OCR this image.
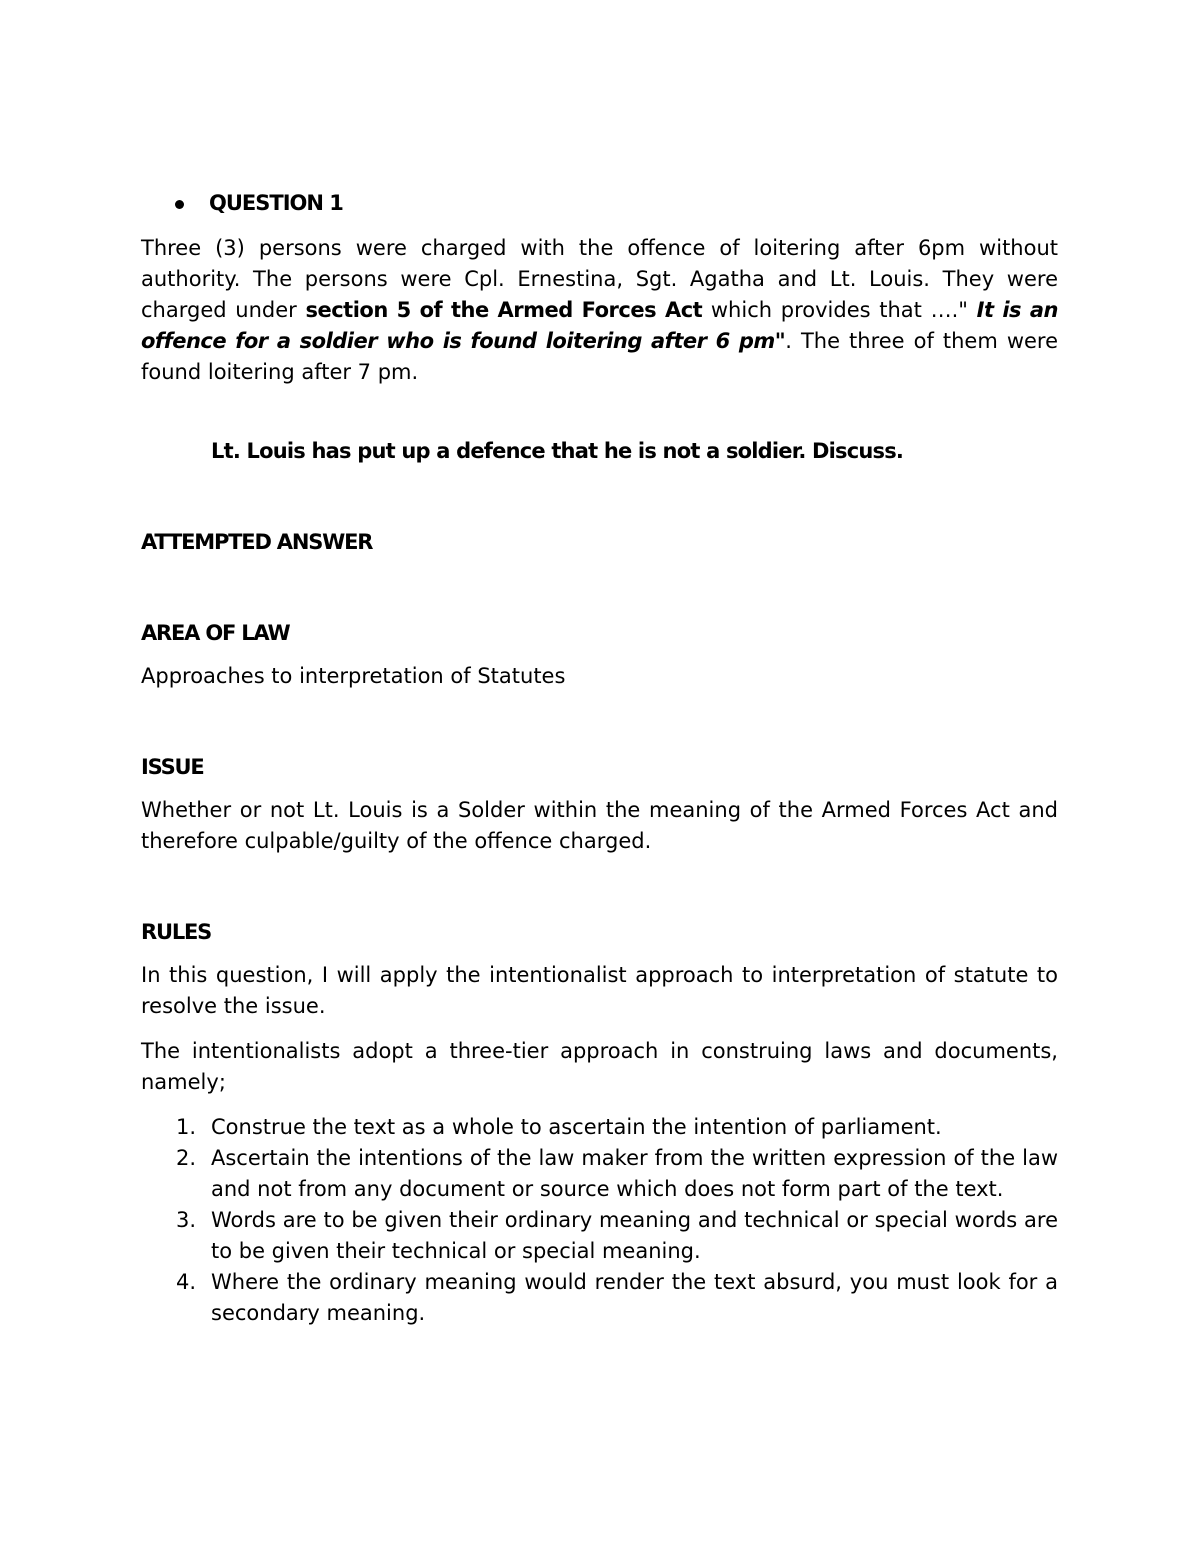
QUESTION 1

Three (3) persons were charged with the offence of loitering after 6pm without authority. The persons were Cpl. Ernestina, Sgt. Agatha and Lt. Louis. They were charged under section 5 of the Armed Forces Act which provides that …." It is an offence for a soldier who is found loitering after 6 pm". The three of them were found loitering after 7 pm.

Lt. Louis has put up a defence that he is not a soldier. Discuss.
ATTEMPTED ANSWER
AREA OF LAW

Approaches to interpretation of Statutes

ISSUE

Whether or not Lt. Louis is a Solder within the meaning of the Armed Forces Act and therefore culpable/guilty of the offence charged.

RULES

In this question, I will apply the intentionalist approach to interpretation of statute to resolve the issue.

The intentionalists adopt a three-tier approach in construing laws and documents, namely;

1. Construe the text as a whole to ascertain the intention of parliament.
2. Ascertain the intentions of the law maker from the written expression of the law and not from any document or source which does not form part of the text.
3. Words are to be given their ordinary meaning and technical or special words are to be given their technical or special meaning.
4. Where the ordinary meaning would render the text absurd, you must look for a secondary meaning.
